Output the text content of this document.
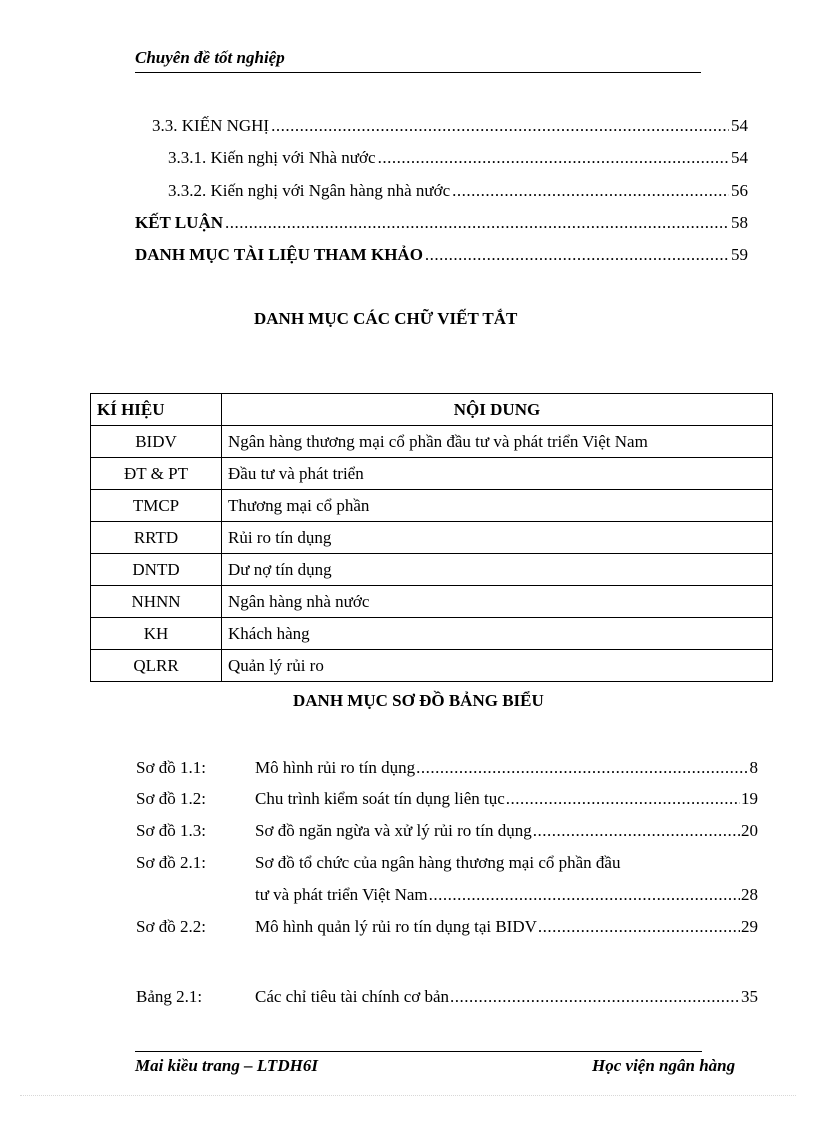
Chuyên đề tốt nghiệp
3.3. KIẾN NGHỊ .....	54
3.3.1. Kiến nghị với Nhà nước .....	54
3.3.2. Kiến nghị với Ngân hàng nhà nước .....	56
KẾT LUẬN .....	58
DANH MỤC TÀI LIỆU THAM KHẢO .....	59
DANH MỤC CÁC CHỮ VIẾT TẮT
KÍ HIỆU	NỘI DUNG
BIDV	Ngân hàng thương mại cổ phần đầu tư và phát triển Việt Nam
ĐT & PT	Đầu tư và phát triển
TMCP	Thương mại cổ phần
RRTD	Rủi ro tín dụng
DNTD	Dư nợ tín dụng
NHNN	Ngân hàng nhà nước
KH	Khách hàng
QLRR	Quản lý rủi ro
DANH MỤC SƠ ĐỒ BẢNG BIỂU
Sơ đồ 1.1:	Mô hình rủi ro tín dụng .....	8
Sơ đồ 1.2:	Chu trình kiểm soát tín dụng liên tục .....	19
Sơ đồ 1.3:	Sơ đồ ngăn ngừa và xử lý rủi ro tín dụng .....	20
Sơ đồ 2.1:	Sơ đồ tổ chức của ngân hàng thương mại cổ phần đầu
tư và phát triển Việt Nam .....	28
Sơ đồ 2.2:	Mô hình quản lý rủi ro tín dụng tại BIDV .....	29
Bảng 2.1:	Các chỉ tiêu tài chính cơ bản .....	35
Mai kiều trang – LTDH6I	Học viện ngân hàng
